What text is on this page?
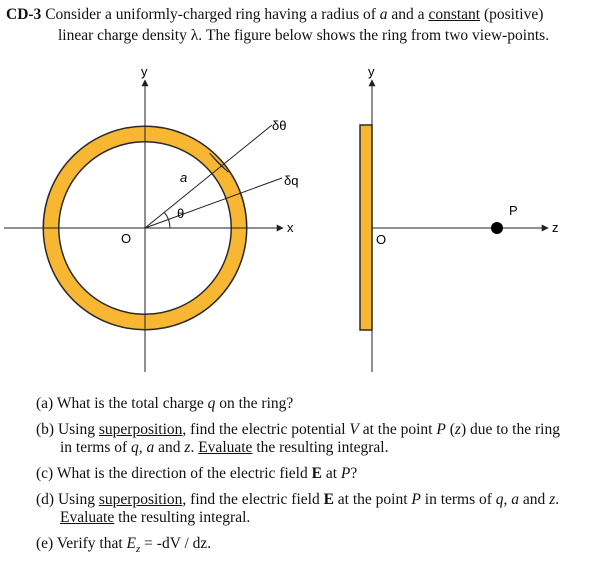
CD-3 Consider a uniformly-charged ring having a radius of a and a constant (positive)
linear charge density λ. The figure below shows the ring from two view-points.
y
x
O
a
θ
δθ
δq
y
z
O
P
(a) What is the total charge q on the ring?
(b) Using superposition, find the electric potential V at the point P (z) due to the ring
in terms of q, a and z. Evaluate the resulting integral.
(c) What is the direction of the electric field E at P?
(d) Using superposition, find the electric field E at the point P in terms of q, a and z.
Evaluate the resulting integral.
(e) Verify that $E_z = -dV$ / dz.
